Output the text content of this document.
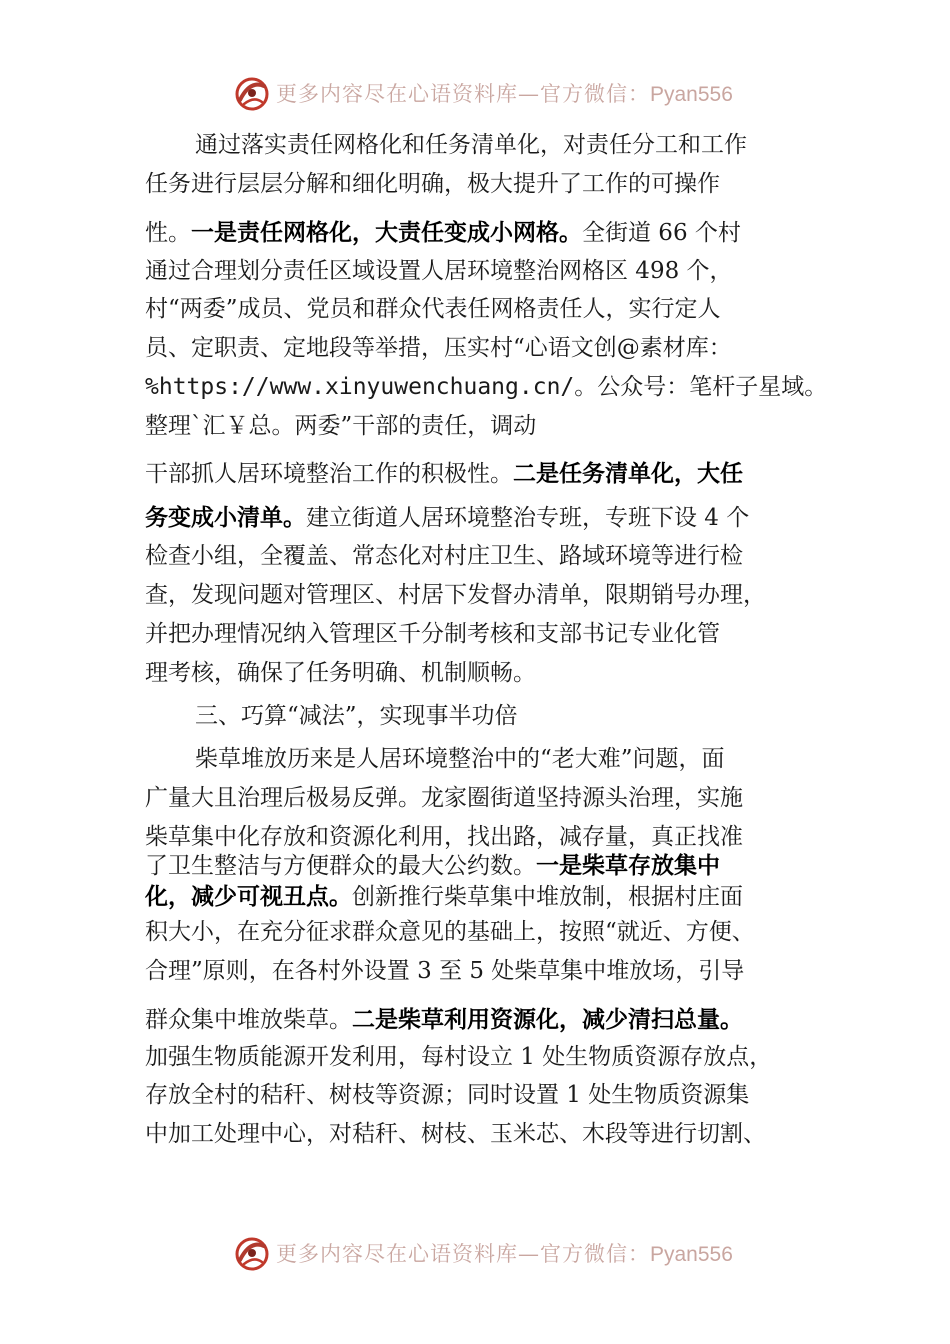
更多内容尽在心语资料库—官方微信：Pyan556
通过落实责任网格化和任务清单化，对责任分工和工作
任务进行层层分解和细化明确，极大提升了工作的可操作
性。一是责任网格化，大责任变成小网格。全街道 66 个村
通过合理划分责任区域设置人居环境整治网格区 498 个，
村“两委”成员、党员和群众代表任网格责任人，实行定人
员、定职责、定地段等举措，压实村“心语文创@素材库：
%https://www.xinyuwenchuang.cn/。公众号：笔杆子星域。
整理`汇￥总。两委”干部的责任，调动
干部抓人居环境整治工作的积极性。二是任务清单化，大任
务变成小清单。建立街道人居环境整治专班，专班下设 4 个
检查小组，全覆盖、常态化对村庄卫生、路域环境等进行检
查，发现问题对管理区、村居下发督办清单，限期销号办理，
并把办理情况纳入管理区千分制考核和支部书记专业化管
理考核，确保了任务明确、机制顺畅。
三、巧算“减法”，实现事半功倍
柴草堆放历来是人居环境整治中的“老大难”问题，面
广量大且治理后极易反弹。龙家圈街道坚持源头治理，实施
柴草集中化存放和资源化利用，找出路，减存量，真正找准
了卫生整洁与方便群众的最大公约数。一是柴草存放集中
化，减少可视丑点。创新推行柴草集中堆放制，根据村庄面
积大小，在充分征求群众意见的基础上，按照“就近、方便、
合理”原则，在各村外设置 3 至 5 处柴草集中堆放场，引导
群众集中堆放柴草。二是柴草利用资源化，减少清扫总量。
加强生物质能源开发利用，每村设立 1 处生物质资源存放点，
存放全村的秸秆、树枝等资源；同时设置 1 处生物质资源集
中加工处理中心，对秸秆、树枝、玉米芯、木段等进行切割、
更多内容尽在心语资料库—官方微信：Pyan556
